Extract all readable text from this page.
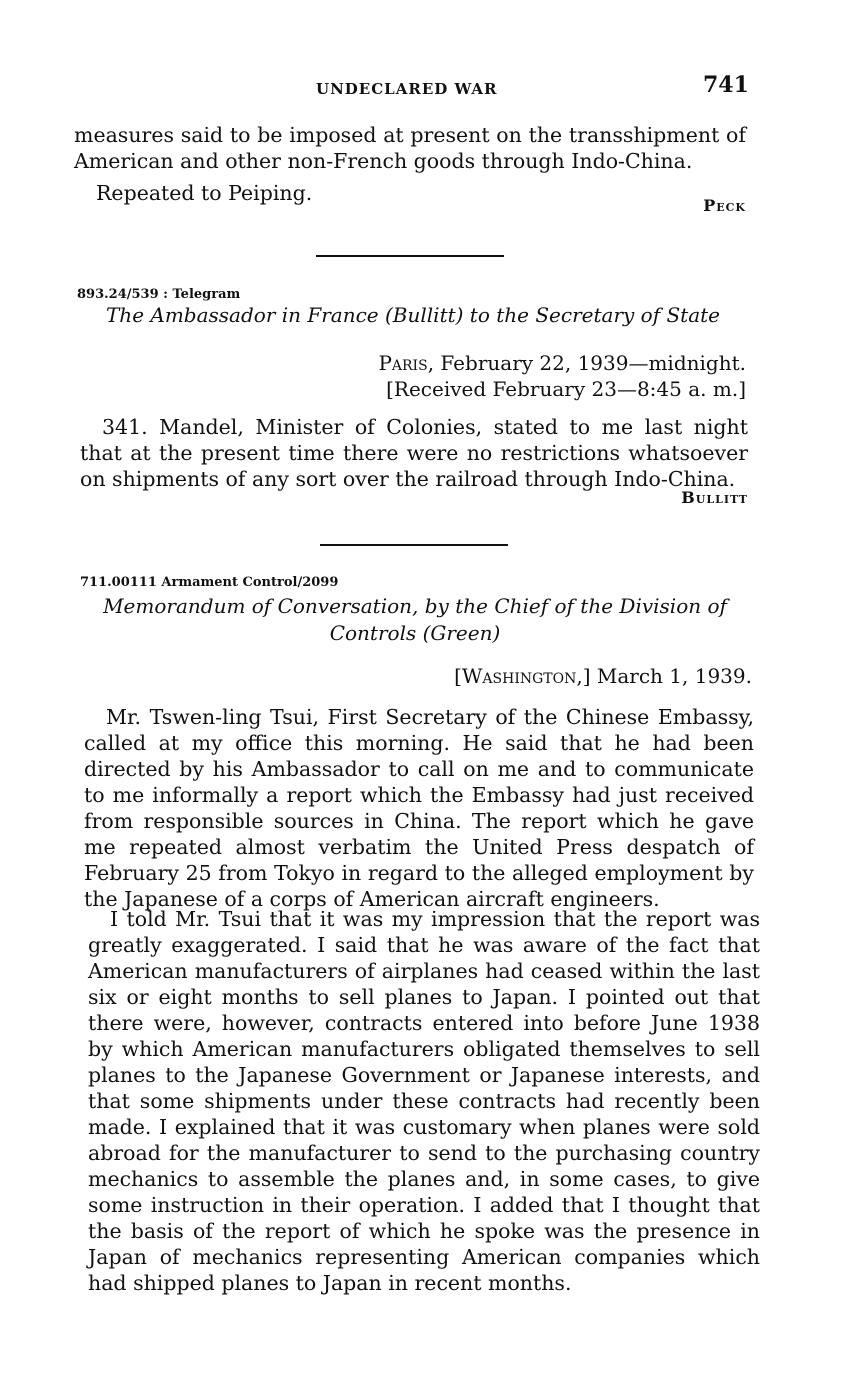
UNDECLARED WAR	741
measures said to be imposed at present on the transshipment of American and other non-French goods through Indo-China.
Repeated to Peiping.
Peck
893.24/539 : Telegram
The Ambassador in France (Bullitt) to the Secretary of State
Paris, February 22, 1939—midnight.
[Received February 23—8:45 a. m.]
341. Mandel, Minister of Colonies, stated to me last night that at the present time there were no restrictions whatsoever on shipments of any sort over the railroad through Indo-China.
Bullitt
711.00111 Armament Control/2099
Memorandum of Conversation, by the Chief of the Division of
Controls (Green)
[Washington,] March 1, 1939.
Mr. Tswen-ling Tsui, First Secretary of the Chinese Embassy, called at my office this morning. He said that he had been directed by his Ambassador to call on me and to communicate to me informally a report which the Embassy had just received from responsible sources in China. The report which he gave me repeated almost verbatim the United Press despatch of February 25 from Tokyo in regard to the alleged employment by the Japanese of a corps of American aircraft engineers.
I told Mr. Tsui that it was my impression that the report was greatly exaggerated. I said that he was aware of the fact that American manufacturers of airplanes had ceased within the last six or eight months to sell planes to Japan. I pointed out that there were, however, contracts entered into before June 1938 by which American manufacturers obligated themselves to sell planes to the Japanese Government or Japanese interests, and that some shipments under these contracts had recently been made. I explained that it was customary when planes were sold abroad for the manufacturer to send to the purchasing country mechanics to assemble the planes and, in some cases, to give some instruction in their operation. I added that I thought that the basis of the report of which he spoke was the presence in Japan of mechanics representing American companies which had shipped planes to Japan in recent months.
